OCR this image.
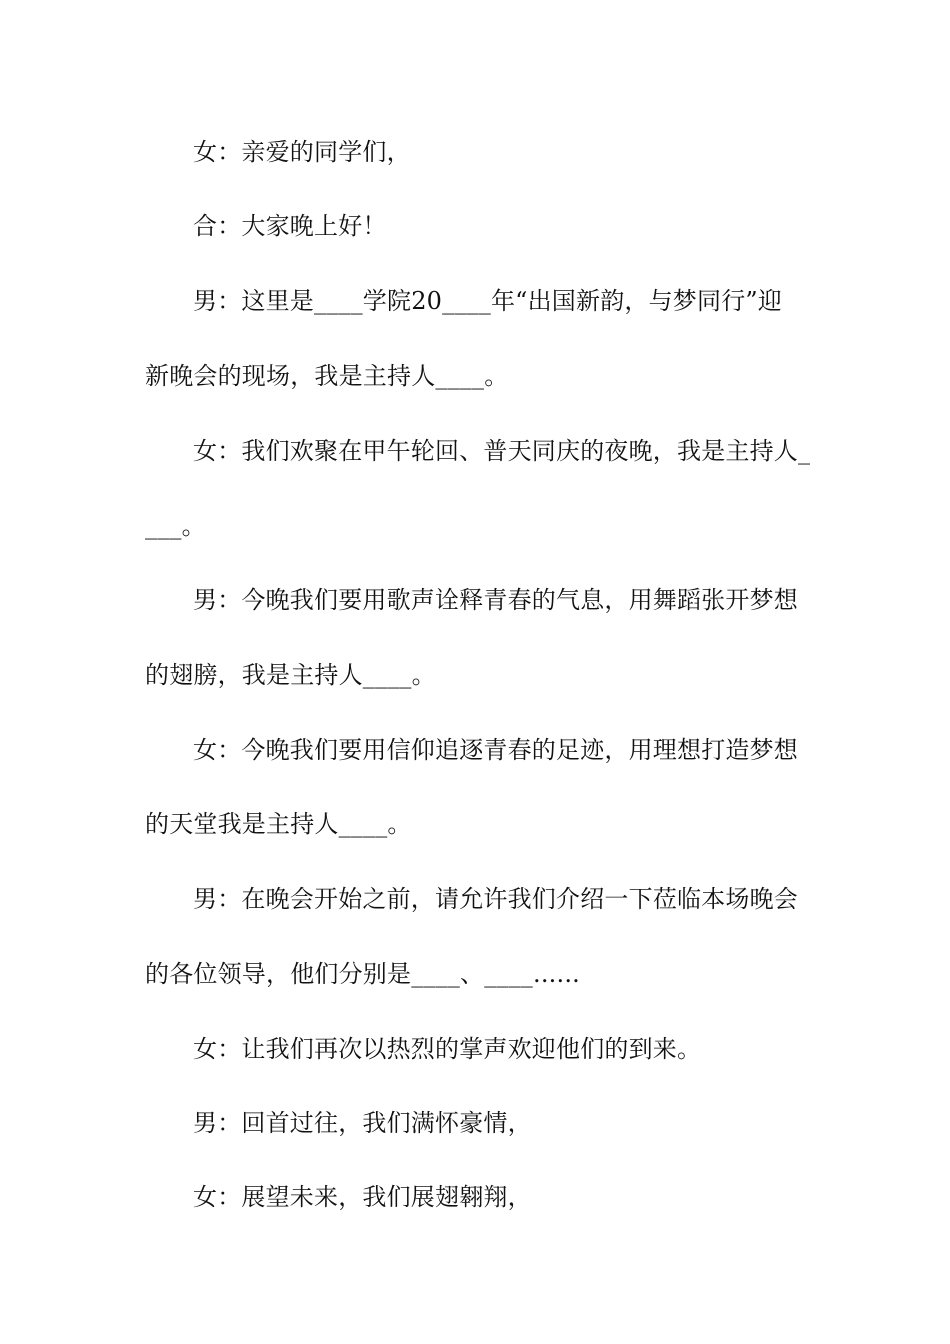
女：亲爱的同学们，
合：大家晚上好！
男：这里是____学院20____年“出国新韵，与梦同行”迎
新晚会的现场，我是主持人____。
女：我们欢聚在甲午轮回、普天同庆的夜晚，我是主持人_
___。
男：今晚我们要用歌声诠释青春的气息，用舞蹈张开梦想
的翅膀，我是主持人____。
女：今晚我们要用信仰追逐青春的足迹，用理想打造梦想
的天堂我是主持人____。
男：在晚会开始之前，请允许我们介绍一下莅临本场晚会
的各位领导，他们分别是____、____......
女：让我们再次以热烈的掌声欢迎他们的到来。
男：回首过往，我们满怀豪情，
女：展望未来，我们展翅翱翔，
